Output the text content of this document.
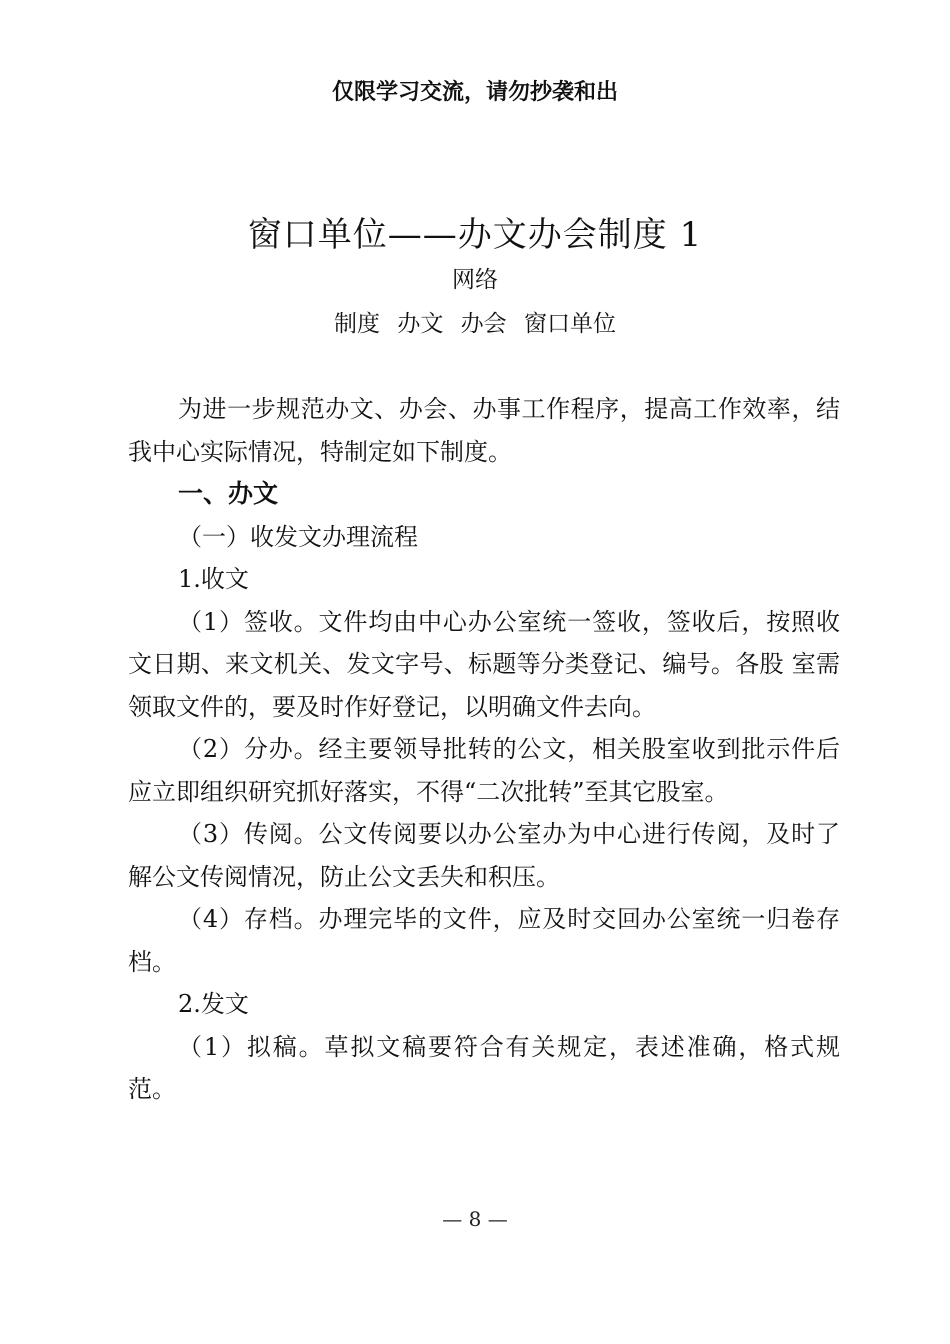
仅限学习交流，请勿抄袭和出
窗口单位——办文办会制度 1
网络
制度 办文 办会 窗口单位

为进一步规范办文、办会、办事工作程序，提高工作效率，结我中心实际情况，特制定如下制度。

一、办文

（一）收发文办理流程

1.收文

（1）签收。文件均由中心办公室统一签收，签收后，按照收文日期、来文机关、发文字号、标题等分类登记、编号。各股 室需领取文件的，要及时作好登记，以明确文件去向。

（2）分办。经主要领导批转的公文，相关股室收到批示件后应立即组织研究抓好落实，不得“二次批转”至其它股室。

（3）传阅。公文传阅要以办公室办为中心进行传阅，及时了解公文传阅情况，防止公文丢失和积压。

（4）存档。办理完毕的文件，应及时交回办公室统一归卷存档。

2.发文

（1）拟稿。草拟文稿要符合有关规定，表述准确，格式规范。

— 8 —
